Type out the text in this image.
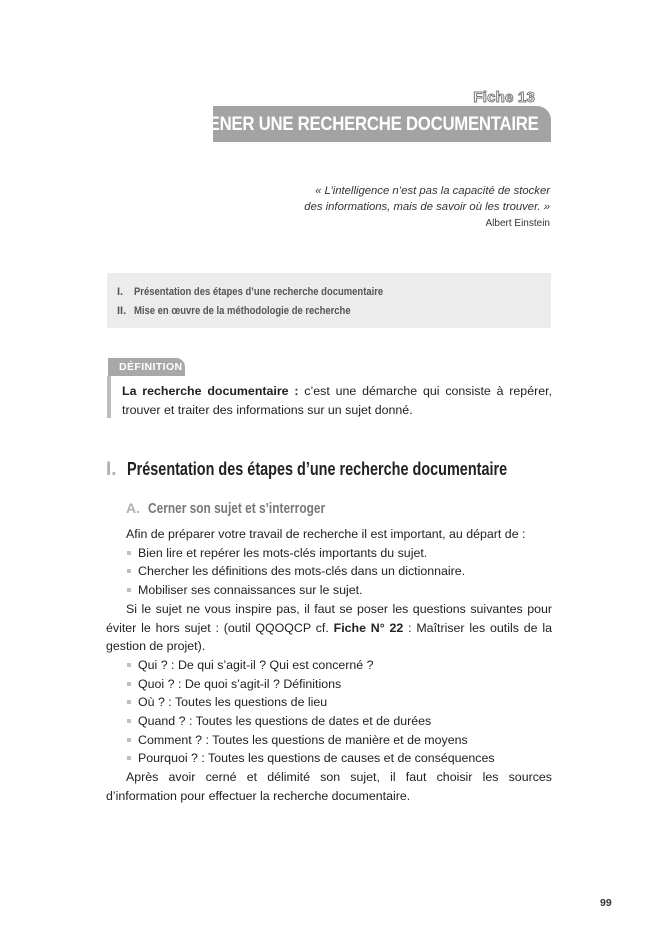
Fiche 13
MENER UNE RECHERCHE DOCUMENTAIRE

« L’intelligence n’est pas la capacité de stocker

des informations, mais de savoir où les trouver. »

Albert Einstein
I. Présentation des étapes d’une recherche documentaire
II. Mise en œuvre de la méthodologie de recherche
DÉFINITION
La recherche documentaire : c’est une démarche qui consiste à repérer, trouver et traiter des informations sur un sujet donné.
I. Présentation des étapes d’une recherche documentaire
A. Cerner son sujet et s’interroger

Afin de préparer votre travail de recherche il est important, au départ de :

Bien lire et repérer les mots-clés importants du sujet.
Chercher les définitions des mots-clés dans un dictionnaire.
Mobiliser ses connaissances sur le sujet.

Si le sujet ne vous inspire pas, il faut se poser les questions suivantes pour éviter le hors sujet : (outil QQOQCP cf. Fiche N° 22 : Maîtriser les outils de la gestion de projet).

Qui ? : De qui s’agit-il ? Qui est concerné ?
Quoi ? : De quoi s’agit-il ? Définitions
Où ? : Toutes les questions de lieu
Quand ? : Toutes les questions de dates et de durées
Comment ? : Toutes les questions de manière et de moyens
Pourquoi ? : Toutes les questions de causes et de conséquences

Après avoir cerné et délimité son sujet, il faut choisir les sources d’information pour effectuer la recherche documentaire.

99
